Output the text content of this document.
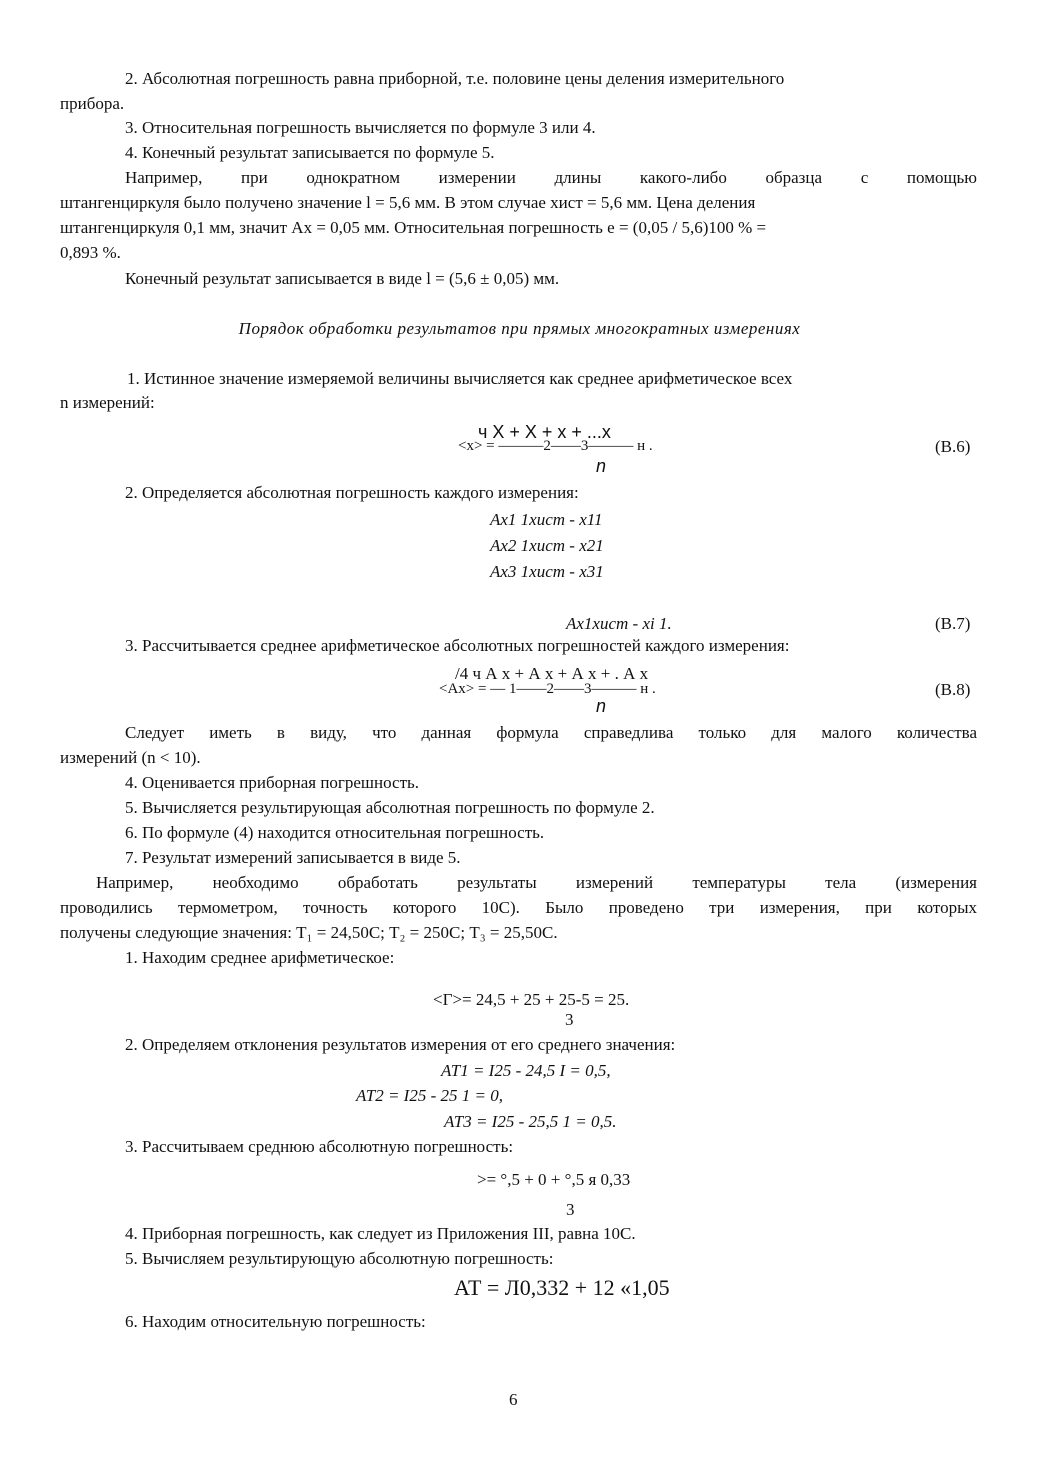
2. Абсолютная погрешность равна приборной, т.е. половине цены деления измерительного
прибора.
3. Относительная погрешность вычисляется по формуле 3 или 4.
4. Конечный результат записывается по формуле 5.
Например, при однократном измерении длины какого-либо образца с помощью
штангенциркуля было получено значение l = 5,6 мм. В этом случае хист = 5,6 мм. Цена деления
штангенциркуля 0,1 мм, значит Ах = 0,05 мм. Относительная погрешность е = (0,05 / 5,6)100 % =
0,893 %.
Конечный результат записывается в виде l = (5,6 ± 0,05) мм.
Порядок обработки результатов при прямых многократных измерениях
1. Истинное значение измеряемой величины вычисляется как среднее арифметическое всех
n измерений:
ч X + X + х + ...х
<х> = ———2——3——— н .
n
(В.6)
2. Определяется абсолютная погрешность каждого измерения:
Ах1 1хист - х11
Ах2 1хист - х21
Ах3 1хист - х31
Ах1хист - хі 1.	(В.7)
3. Рассчитывается среднее арифметическое абсолютных погрешностей каждого измерения:
/4 ч А х + А х + А х + . А х
<Ах> = — 1——2——3——— н .
n
(В.8)
Следует иметь в виду, что данная формула справедлива только для малого количества
измерений (n < 10).
4. Оценивается приборная погрешность.
5. Вычисляется результирующая абсолютная погрешность по формуле 2.
6. По формуле (4) находится относительная погрешность.
7. Результат измерений записывается в виде 5.
Например, необходимо обработать результаты измерений температуры тела (измерения
проводились термометром, точность которого 10С). Было проведено три измерения, при которых
получены следующие значения: Т₁ = 24,50С; Т₂ = 250С; Т₃ = 25,50С.
1. Находим среднее арифметическое:
<Г>= 24,5 + 25 + 25-5 = 25.
3
2. Определяем отклонения результатов измерения от его среднего значения:
АТ1 = I25 - 24,5 I = 0,5,
АТ2 = I25 - 25 1 = 0,
АТ3 = I25 - 25,5 1 = 0,5.
3. Рассчитываем среднюю абсолютную погрешность:
>= °,5 + 0 + °,5 я 0,33
3
4. Приборная погрешность, как следует из Приложения III, равна 10С.
5. Вычисляем результирующую абсолютную погрешность:
АТ = Л0,332 + 12 «1,05
6. Находим относительную погрешность:
6
